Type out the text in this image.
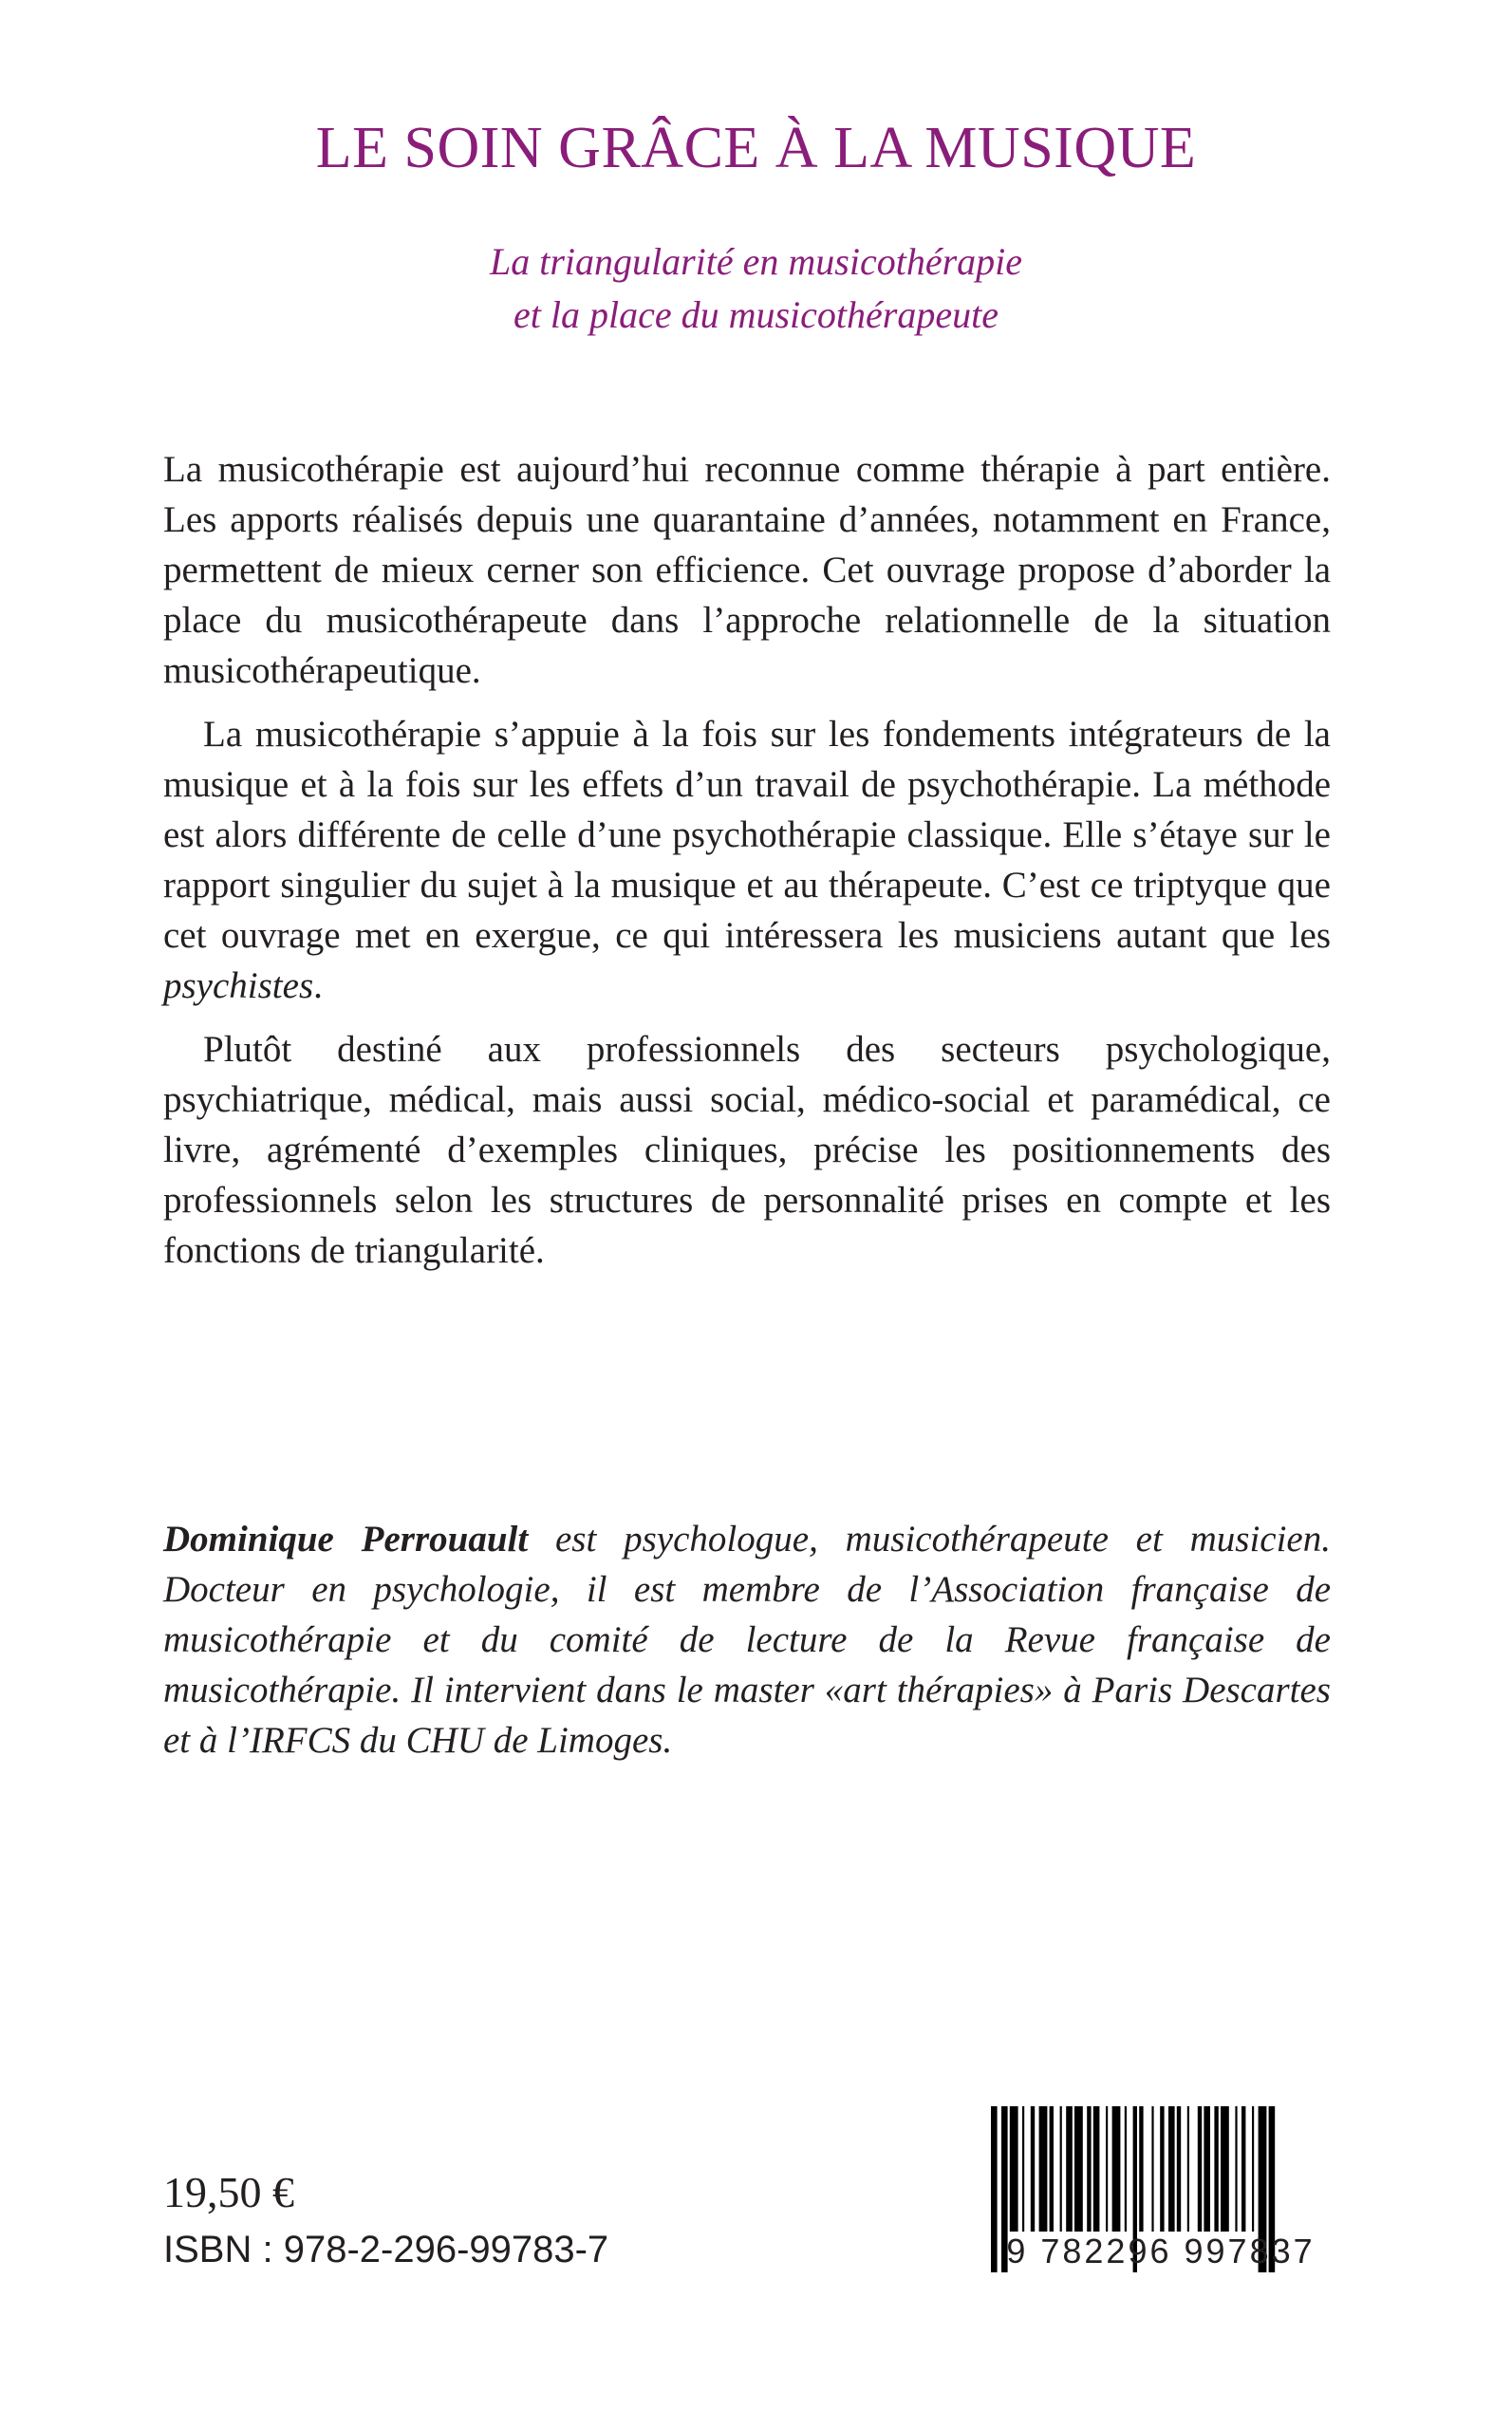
LE SOIN GRÂCE À LA MUSIQUE
La triangularité en musicothérapie
et la place du musicothérapeute

La musicothérapie est aujourd’hui reconnue comme thérapie à part entière. Les apports réalisés depuis une quarantaine d’années, notamment en France, permettent de mieux cerner son efficience. Cet ouvrage propose d’aborder la place du musicothérapeute dans l’approche relationnelle de la situation musicothérapeutique.

La musicothérapie s’appuie à la fois sur les fondements intégrateurs de la musique et à la fois sur les effets d’un travail de psychothérapie. La méthode est alors différente de celle d’une psychothérapie classique. Elle s’étaye sur le rapport singulier du sujet à la musique et au thérapeute. C’est ce triptyque que cet ouvrage met en exergue, ce qui intéressera les musiciens autant que les psychistes.

Plutôt destiné aux professionnels des secteurs psychologique, psychiatrique, médical, mais aussi social, médico-social et paramédical, ce livre, agrémenté d’exemples cliniques, précise les positionnements des professionnels selon les structures de personnalité prises en compte et les fonctions de triangularité.

Dominique Perrouault est psychologue, musicothérapeute et musicien. Docteur en psychologie, il est membre de l’Association française de musicothérapie et du comité de lecture de la Revue française de musicothérapie. Il intervient dans le master «art thérapies» à Paris Descartes et à l’IRFCS du CHU de Limoges.
19,50 €
ISBN : 978-2-296-99783-7	9 782296 997837
